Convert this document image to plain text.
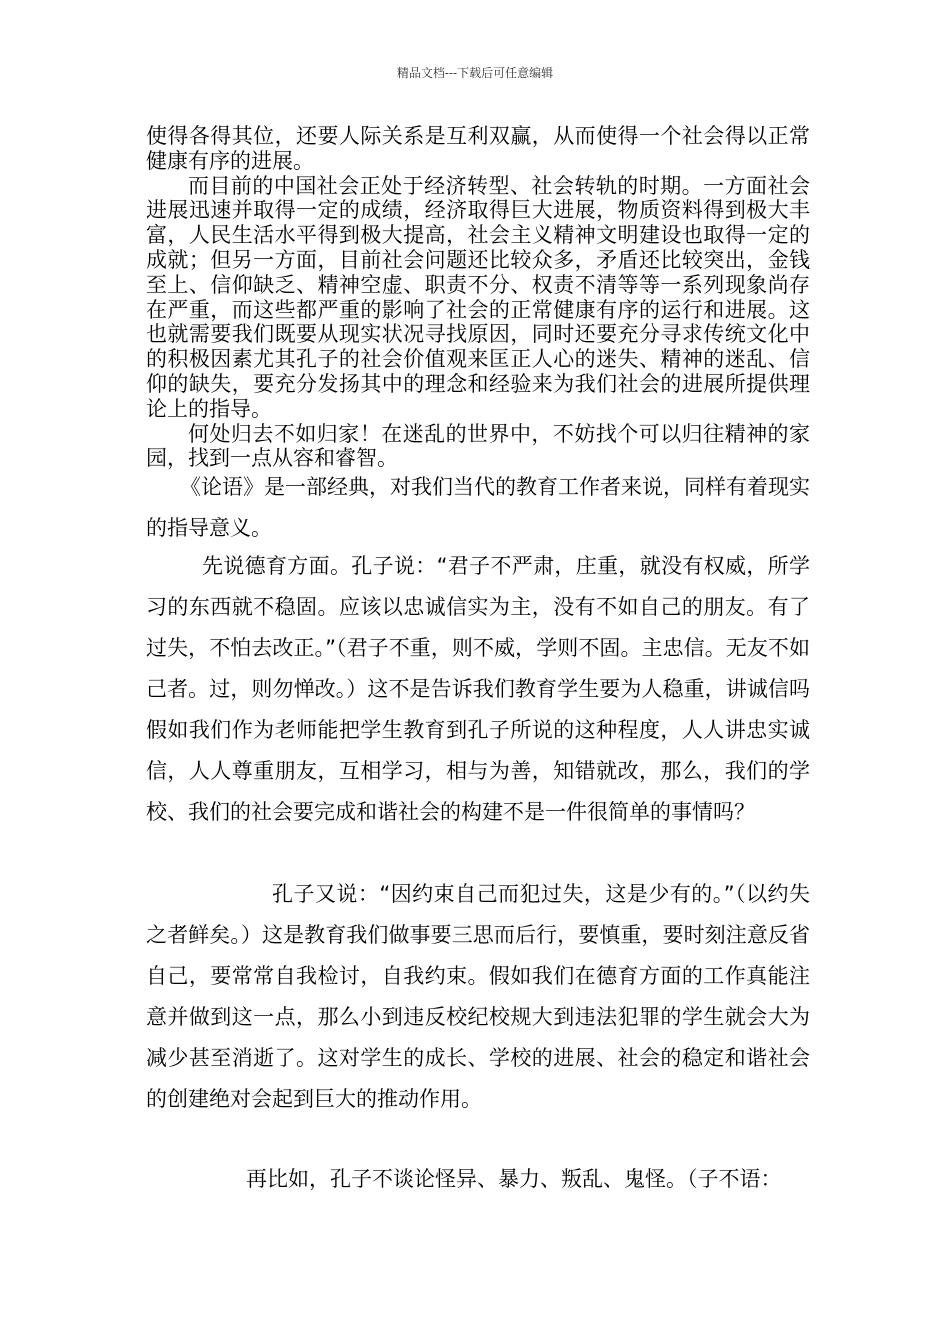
精品文档---下载后可任意编辑

使得各得其位，还要人际关系是互利双赢，从而使得一个社会得以正常健康有序的进展。

而目前的中国社会正处于经济转型、社会转轨的时期。一方面社会进展迅速并取得一定的成绩，经济取得巨大进展，物质资料得到极大丰富，人民生活水平得到极大提高，社会主义精神文明建设也取得一定的成就；但另一方面，目前社会问题还比较众多，矛盾还比较突出，金钱至上、信仰缺乏、精神空虚、职责不分、权责不清等等一系列现象尚存在严重，而这些都严重的影响了社会的正常健康有序的运行和进展。这也就需要我们既要从现实状况寻找原因，同时还要充分寻求传统文化中的积极因素尤其孔子的社会价值观来匡正人心的迷失、精神的迷乱、信仰的缺失，要充分发扬其中的理念和经验来为我们社会的进展所提供理论上的指导。

何处归去不如归家！在迷乱的世界中，不妨找个可以归往精神的家园，找到一点从容和睿智。

《论语》是一部经典，对我们当代的教育工作者来说，同样有着现实的指导意义。

先说德育方面。孔子说：“君子不严肃，庄重，就没有权威，所学习的东西就不稳固。应该以忠诚信实为主，没有不如自己的朋友。有了过失，不怕去改正。”（君子不重，则不威，学则不固。主忠信。无友不如己者。过，则勿惮改。）这不是告诉我们教育学生要为人稳重，讲诚信吗假如我们作为老师能把学生教育到孔子所说的这种程度，人人讲忠实诚信，人人尊重朋友，互相学习，相与为善，知错就改，那么，我们的学校、我们的社会要完成和谐社会的构建不是一件很简单的事情吗？

孔子又说：“因约束自己而犯过失，这是少有的。”（以约失之者鲜矣。）这是教育我们做事要三思而后行，要慎重，要时刻注意反省自己，要常常自我检讨，自我约束。假如我们在德育方面的工作真能注意并做到这一点，那么小到违反校纪校规大到违法犯罪的学生就会大为减少甚至消逝了。这对学生的成长、学校的进展、社会的稳定和谐社会的创建绝对会起到巨大的推动作用。

再比如，孔子不谈论怪异、暴力、叛乱、鬼怪。（子不语：
